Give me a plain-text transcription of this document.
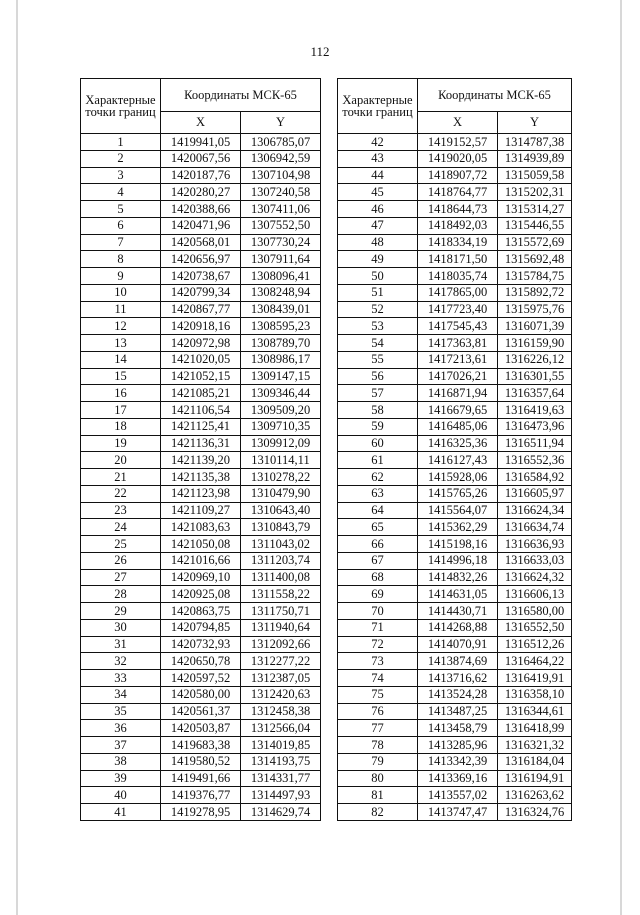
112
Характерные точки границ	Координаты МСК-65	
	X	Y
1	1419941,05	1306785,07
2	1420067,56	1306942,59
3	1420187,76	1307104,98
4	1420280,27	1307240,58
5	1420388,66	1307411,06
6	1420471,96	1307552,50
7	1420568,01	1307730,24
8	1420656,97	1307911,64
9	1420738,67	1308096,41
10	1420799,34	1308248,94
11	1420867,77	1308439,01
12	1420918,16	1308595,23
13	1420972,98	1308789,70
14	1421020,05	1308986,17
15	1421052,15	1309147,15
16	1421085,21	1309346,44
17	1421106,54	1309509,20
18	1421125,41	1309710,35
19	1421136,31	1309912,09
20	1421139,20	1310114,11
21	1421135,38	1310278,22
22	1421123,98	1310479,90
23	1421109,27	1310643,40
24	1421083,63	1310843,79
25	1421050,08	1311043,02
26	1421016,66	1311203,74
27	1420969,10	1311400,08
28	1420925,08	1311558,22
29	1420863,75	1311750,71
30	1420794,85	1311940,64
31	1420732,93	1312092,66
32	1420650,78	1312277,22
33	1420597,52	1312387,05
34	1420580,00	1312420,63
35	1420561,37	1312458,38
36	1420503,87	1312566,04
37	1419683,38	1314019,85
38	1419580,52	1314193,75
39	1419491,66	1314331,77
40	1419376,77	1314497,93
41	1419278,95	1314629,74
Характерные точки границ	Координаты МСК-65	
	X	Y
42	1419152,57	1314787,38
43	1419020,05	1314939,89
44	1418907,72	1315059,58
45	1418764,77	1315202,31
46	1418644,73	1315314,27
47	1418492,03	1315446,55
48	1418334,19	1315572,69
49	1418171,50	1315692,48
50	1418035,74	1315784,75
51	1417865,00	1315892,72
52	1417723,40	1315975,76
53	1417545,43	1316071,39
54	1417363,81	1316159,90
55	1417213,61	1316226,12
56	1417026,21	1316301,55
57	1416871,94	1316357,64
58	1416679,65	1316419,63
59	1416485,06	1316473,96
60	1416325,36	1316511,94
61	1416127,43	1316552,36
62	1415928,06	1316584,92
63	1415765,26	1316605,97
64	1415564,07	1316624,34
65	1415362,29	1316634,74
66	1415198,16	1316636,93
67	1414996,18	1316633,03
68	1414832,26	1316624,32
69	1414631,05	1316606,13
70	1414430,71	1316580,00
71	1414268,88	1316552,50
72	1414070,91	1316512,26
73	1413874,69	1316464,22
74	1413716,62	1316419,91
75	1413524,28	1316358,10
76	1413487,25	1316344,61
77	1413458,79	1316418,99
78	1413285,96	1316321,32
79	1413342,39	1316184,04
80	1413369,16	1316194,91
81	1413557,02	1316263,62
82	1413747,47	1316324,76
